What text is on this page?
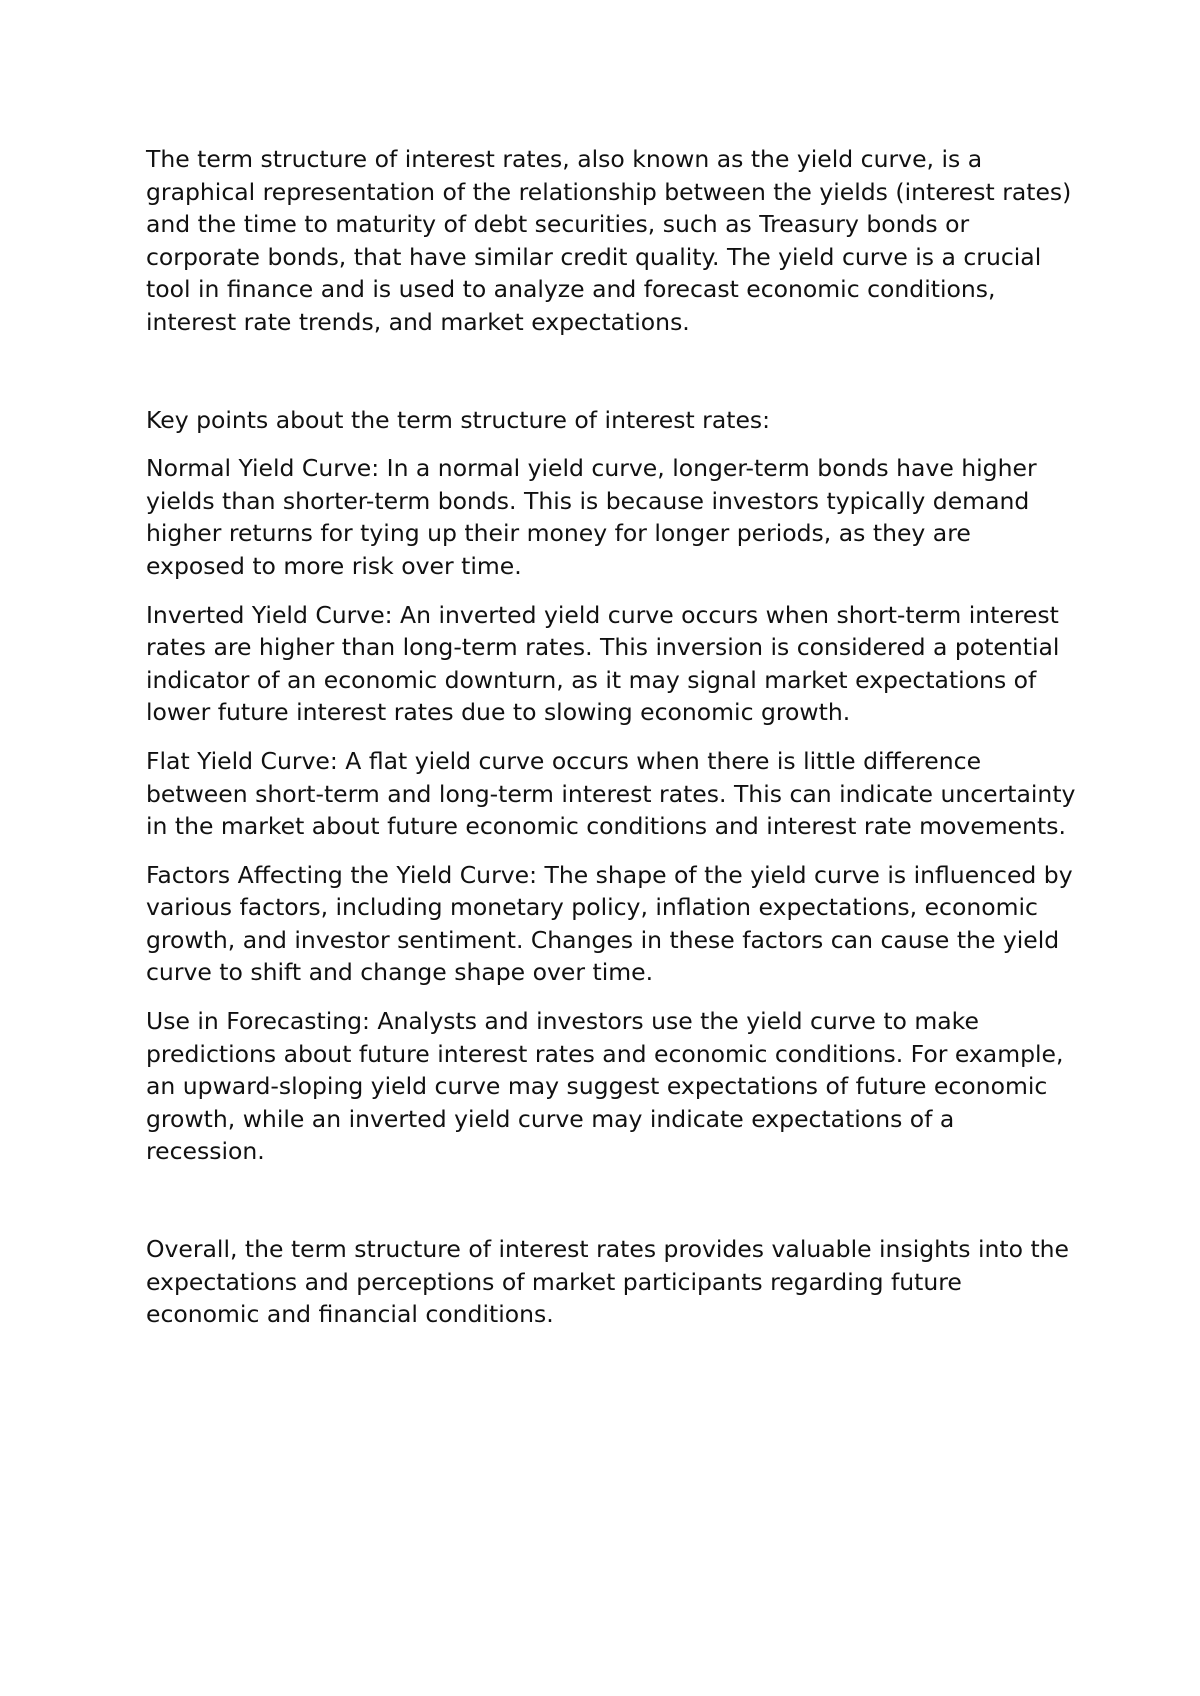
The term structure of interest rates, also known as the yield curve, is a graphical representation of the relationship between the yields (interest rates) and the time to maturity of debt securities, such as Treasury bonds or corporate bonds, that have similar credit quality. The yield curve is a crucial tool in finance and is used to analyze and forecast economic conditions, interest rate trends, and market expectations.

Key points about the term structure of interest rates:

Normal Yield Curve: In a normal yield curve, longer-term bonds have higher yields than shorter-term bonds. This is because investors typically demand higher returns for tying up their money for longer periods, as they are exposed to more risk over time.

Inverted Yield Curve: An inverted yield curve occurs when short-term interest rates are higher than long-term rates. This inversion is considered a potential indicator of an economic downturn, as it may signal market expectations of lower future interest rates due to slowing economic growth.

Flat Yield Curve: A flat yield curve occurs when there is little difference between short-term and long-term interest rates. This can indicate uncertainty in the market about future economic conditions and interest rate movements.

Factors Affecting the Yield Curve: The shape of the yield curve is influenced by various factors, including monetary policy, inflation expectations, economic growth, and investor sentiment. Changes in these factors can cause the yield curve to shift and change shape over time.

Use in Forecasting: Analysts and investors use the yield curve to make predictions about future interest rates and economic conditions. For example, an upward-sloping yield curve may suggest expectations of future economic growth, while an inverted yield curve may indicate expectations of a recession.

Overall, the term structure of interest rates provides valuable insights into the expectations and perceptions of market participants regarding future economic and financial conditions.
